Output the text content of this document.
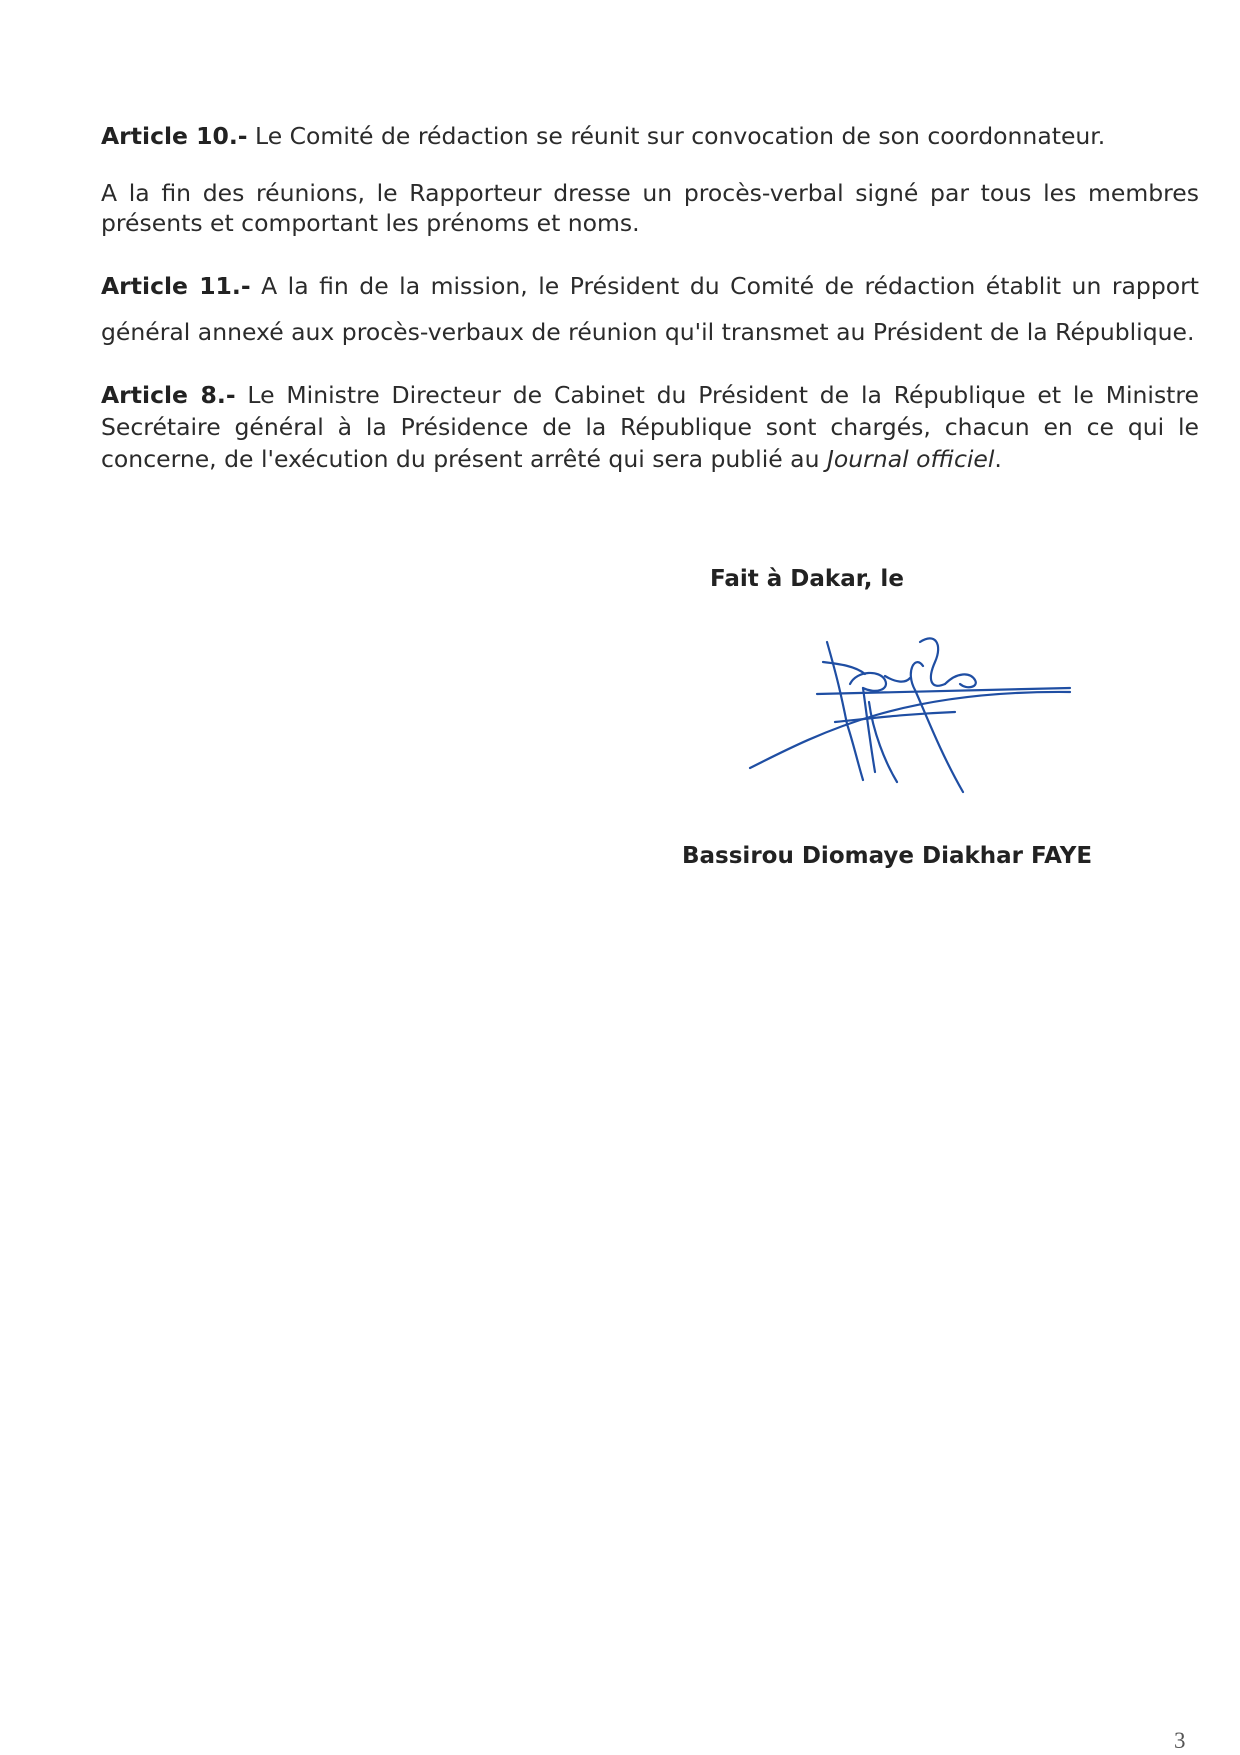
Article 10.- Le Comité de rédaction se réunit sur convocation de son coordonnateur.

A la fin des réunions, le Rapporteur dresse un procès-verbal signé par tous les membres présents et comportant les prénoms et noms.

Article 11.- A la fin de la mission, le Président du Comité de rédaction établit un rapport général annexé aux procès-verbaux de réunion qu'il transmet au Président de la République.

Article 8.- Le Ministre Directeur de Cabinet du Président de la République et le Ministre Secrétaire général à la Présidence de la République sont chargés, chacun en ce qui le concerne, de l'exécution du présent arrêté qui sera publié au Journal officiel.

Fait à Dakar, le
Bassirou Diomaye Diakhar FAYE
3
